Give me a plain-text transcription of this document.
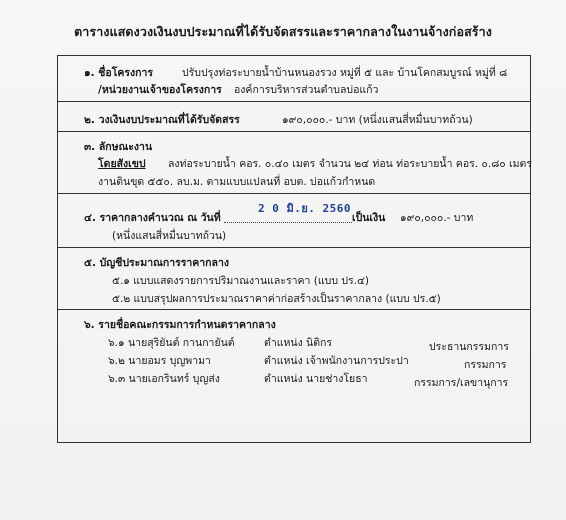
ตารางแสดงวงเงินงบประมาณที่ได้รับจัดสรรและราคากลางในงานจ้างก่อสร้าง
๑. ชื่อโครงการ	ปรับปรุงท่อระบายน้ำบ้านหนองรวง หมู่ที่ ๕ และ บ้านโคกสมบูรณ์ หมู่ที่ ๘
/หน่วยงานเจ้าของโครงการ องค์การบริหารส่วนตำบลบ่อแก้ว
๒. วงเงินงบประมาณที่ได้รับจัดสรร	๑๙๐,๐๐๐.- บาท (หนึ่งแสนสี่หมื่นบาทถ้วน)
๓. ลักษณะงาน
โดยสังเขป ลงท่อระบายน้ำ คอร. ๐.๔๐ เมตร จำนวน ๒๔ ท่อน ท่อระบายน้ำ คอร. ๐.๘๐ เมตร
งานดินขุด ๕๕๐. ลบ.ม. ตามแบบแปลนที่ อบต. บ่อแก้วกำหนด
๔. ราคากลางคำนวณ ณ วันที่
2 0 มิ.ย. 2560
เป็นเงิน ๑๙๐,๐๐๐.- บาท
(หนึ่งแสนสี่หมื่นบาทถ้วน)
๕. บัญชีประมาณการราคากลาง
๕.๑ แบบแสดงรายการปริมาณงานและราคา (แบบ ปร.๔)
๕.๒ แบบสรุปผลการประมาณราคาค่าก่อสร้างเป็นราคากลาง (แบบ ปร.๕)
๖. รายชื่อคณะกรรมการกำหนดราคากลาง
๖.๑ นายสุริยันต์ กานกายันต์	ตำแหน่ง นิติกร	ประธานกรรมการ
๖.๒ นายอมร บุญพามา	ตำแหน่ง เจ้าพนักงานการประปา	กรรมการ
๖.๓ นายเอกรินทร์ บุญส่ง	ตำแหน่ง นายช่างโยธา	กรรมการ/เลขานุการ
